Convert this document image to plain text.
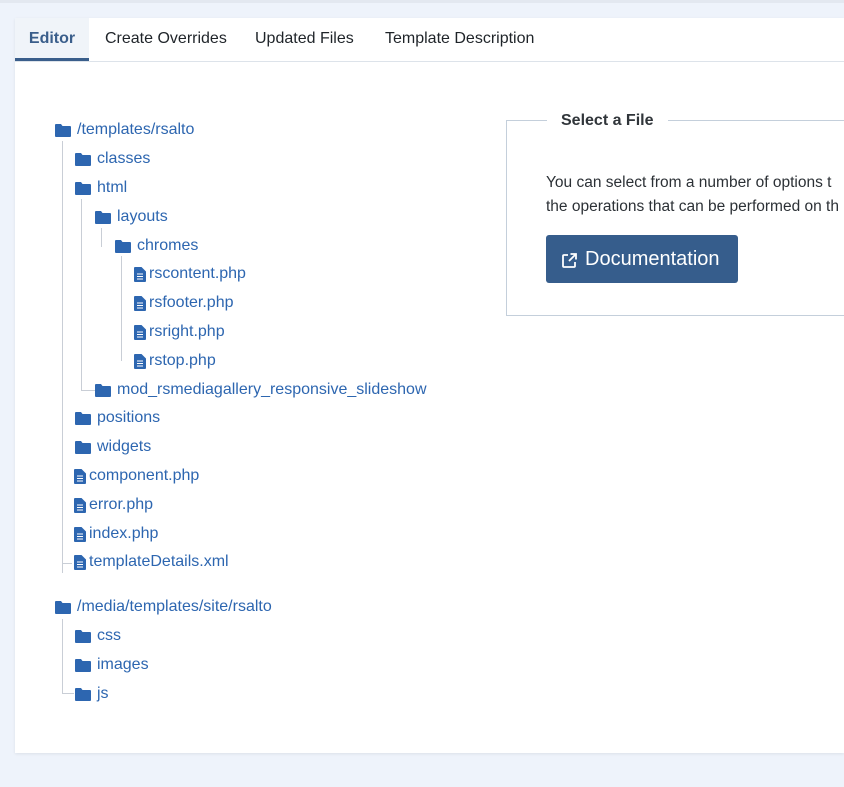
Editor	Create Overrides Updated Files Template Description
/templates/rsalto
classes
html
layouts
chromes
rscontent.php
rsfooter.php
rsright.php
rstop.php
mod_rsmediagallery_responsive_slideshow
positions
widgets
component.php
error.php
index.php
templateDetails.xml
/media/templates/site/rsalto
css
images
js
Select a File
You can select from a number of options t
the operations that can be performed on th
Documentation
